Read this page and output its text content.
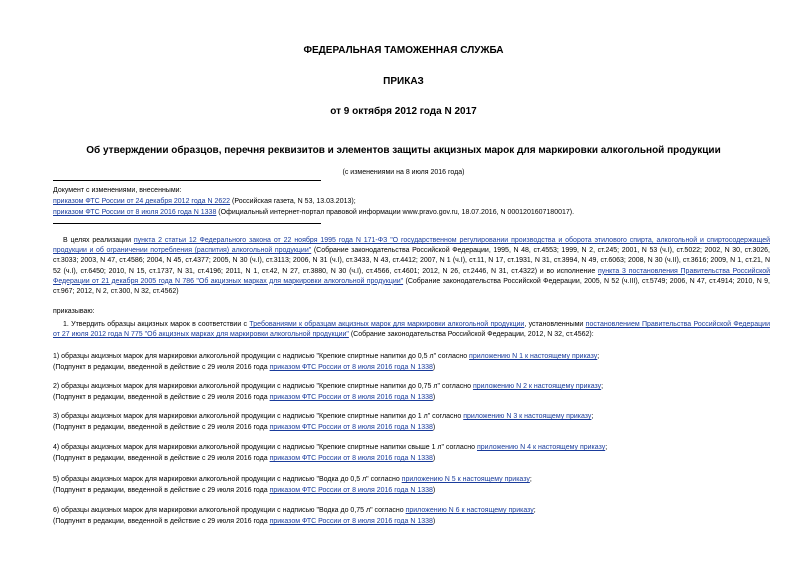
ФЕДЕРАЛЬНАЯ ТАМОЖЕННАЯ СЛУЖБА
ПРИКАЗ
от 9 октября 2012 года N 2017
Об утверждении образцов, перечня реквизитов и элементов защиты акцизных марок для маркировки алкогольной продукции
(с изменениями на 8 июля 2016 года)
Документ с изменениями, внесенными:
приказом ФТС России от 24 декабря 2012 года N 2622 (Российская газета, N 53, 13.03.2013);
приказом ФТС России от 8 июля 2016 года N 1338 (Официальный интернет-портал правовой информации www.pravo.gov.ru, 18.07.2016, N 0001201607180017).
В целях реализации пункта 2 статьи 12 Федерального закона от 22 ноября 1995 года N 171-ФЗ "О государственном регулировании производства и оборота этилового спирта, алкогольной и спиртосодержащей продукции и об ограничении потребления (распития) алкогольной продукции" (Собрание законодательства Российской Федерации, 1995, N 48, ст.4553; 1999, N 2, ст.245; 2001, N 53 (ч.I), ст.5022; 2002, N 30, ст.3026, ст.3033; 2003, N 47, ст.4586; 2004, N 45, ст.4377; 2005, N 30 (ч.I), ст.3113; 2006, N 31 (ч.I), ст.3433, N 43, ст.4412; 2007, N 1 (ч.I), ст.11, N 17, ст.1931, N 31, ст.3994, N 49, ст.6063; 2008, N 30 (ч.II), ст.3616; 2009, N 1, ст.21, N 52 (ч.I), ст.6450; 2010, N 15, ст.1737, N 31, ст.4196; 2011, N 1, ст.42, N 27, ст.3880, N 30 (ч.I), ст.4566, ст.4601; 2012, N 26, ст.2446, N 31, ст.4322) и во исполнение пункта 3 постановления Правительства Российской Федерации от 21 декабря 2005 года N 786 "Об акцизных марках для маркировки алкогольной продукции" (Собрание законодательства Российской Федерации, 2005, N 52 (ч.III), ст.5749; 2006, N 47, ст.4914; 2010, N 9, ст.967; 2012, N 2, ст.300, N 32, ст.4562)
приказываю:
1. Утвердить образцы акцизных марок в соответствии с Требованиями к образцам акцизных марок для маркировки алкогольной продукции, установленными постановлением Правительства Российской Федерации от 27 июля 2012 года N 775 "Об акцизных марках для маркировки алкогольной продукции" (Собрание законодательства Российской Федерации, 2012, N 32, ст.4562):
1) образцы акцизных марок для маркировки алкогольной продукции с надписью "Крепкие спиртные напитки до 0,5 л" согласно приложению N 1 к настоящему приказу;
(Подпункт в редакции, введенной в действие с 29 июля 2016 года приказом ФТС России от 8 июля 2016 года N 1338)
2) образцы акцизных марок для маркировки алкогольной продукции с надписью "Крепкие спиртные напитки до 0,75 л" согласно приложению N 2 к настоящему приказу;
(Подпункт в редакции, введенной в действие с 29 июля 2016 года приказом ФТС России от 8 июля 2016 года N 1338)
3) образцы акцизных марок для маркировки алкогольной продукции с надписью "Крепкие спиртные напитки до 1 л" согласно приложению N 3 к настоящему приказу;
(Подпункт в редакции, введенной в действие с 29 июля 2016 года приказом ФТС России от 8 июля 2016 года N 1338)
4) образцы акцизных марок для маркировки алкогольной продукции с надписью "Крепкие спиртные напитки свыше 1 л" согласно приложению N 4 к настоящему приказу;
(Подпункт в редакции, введенной в действие с 29 июля 2016 года приказом ФТС России от 8 июля 2016 года N 1338)
5) образцы акцизных марок для маркировки алкогольной продукции с надписью "Водка до 0,5 л" согласно приложению N 5 к настоящему приказу;
(Подпункт в редакции, введенной в действие с 29 июля 2016 года приказом ФТС России от 8 июля 2016 года N 1338)
6) образцы акцизных марок для маркировки алкогольной продукции с надписью "Водка до 0,75 л" согласно приложению N 6 к настоящему приказу;
(Подпункт в редакции, введенной в действие с 29 июля 2016 года приказом ФТС России от 8 июля 2016 года N 1338)
